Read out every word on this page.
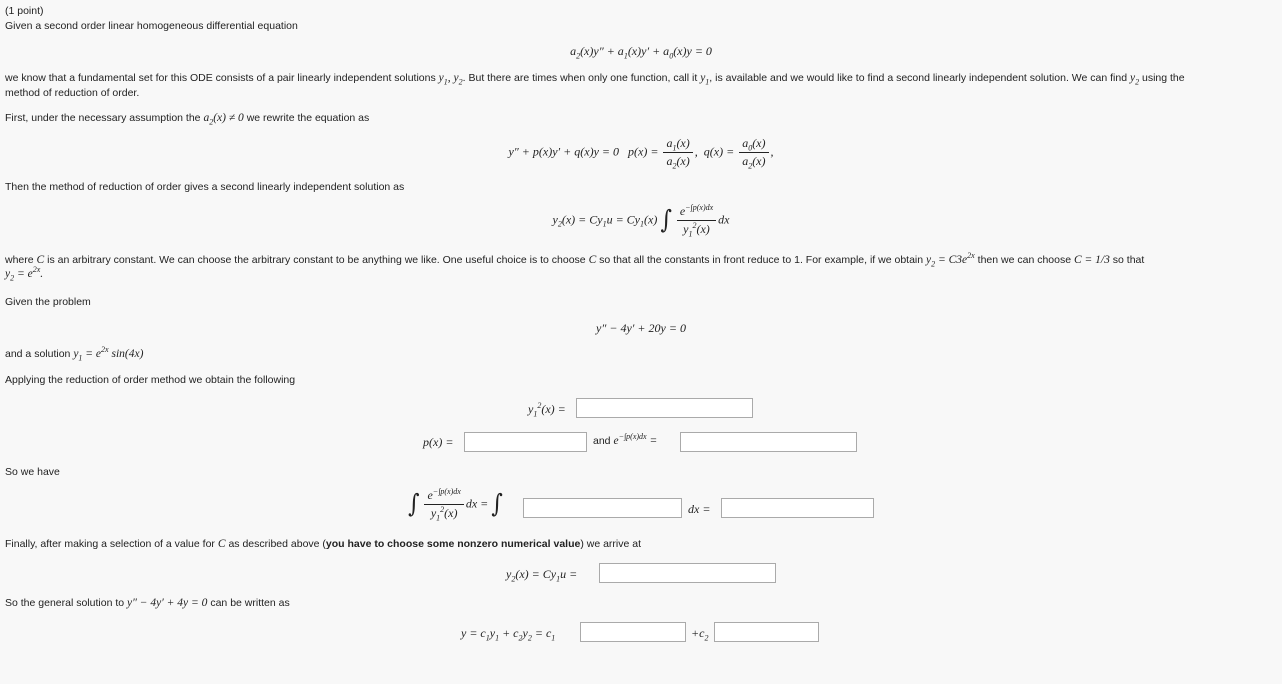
(1 point)
Given a second order linear homogeneous differential equation
$a_2(x)y'' + a_1(x)y' + a_0(x)y = 0$
we know that a fundamental set for this ODE consists of a pair linearly independent solutions $y_1$, $y_2$. But there are times when only one function, call it $y_1$, is available and we would like to find a second linearly independent solution. We can find $y_2$ using the
method of reduction of order.
First, under the necessary assumption the $a_2(x) \ne 0$ we rewrite the equation as
y″ + p(x)y′ + q(x)y = 0   $p(x) = \frac{a_1(x)}{a_2(x)}$ ,  $q(x) = \frac{a_0(x)}{a_2(x)}$ ,
Then the method of reduction of order gives a second linearly independent solution as
$y_2(x) = Cy_1u = Cy_1(x)$ ∫ $\frac{e^{-\int p(x)dx}}{y_1^2(x)}$ dx
where C is an arbitrary constant. We can choose the arbitrary constant to be anything we like. One useful choice is to choose C so that all the constants in front reduce to 1. For example, if we obtain $y_2 = C3e^{2x}$ then we can choose C = 1/3 so that
$y_2 = e^{2x}$.
Given the problem
y″ − 4y′ + 20y = 0
and a solution $y_1 = e^{2x}$ sin(4x)
Applying the reduction of order method we obtain the following
$y_1^2(x)$ =
p(x) =	and $e^{-\int p(x)dx}$ =
So we have
∫ $\frac{e^{-\int p(x)dx}}{y_1^2(x)}$ dx = ∫	dx =
Finally, after making a selection of a value for C as described above (you have to choose some nonzero numerical value) we arrive at
$y_2(x) = Cy_1u$ =
So the general solution to y″ − 4y′ + 4y = 0 can be written as
$y = c_1y_1 + c_2y_2 = c_1$	$+c_2$
